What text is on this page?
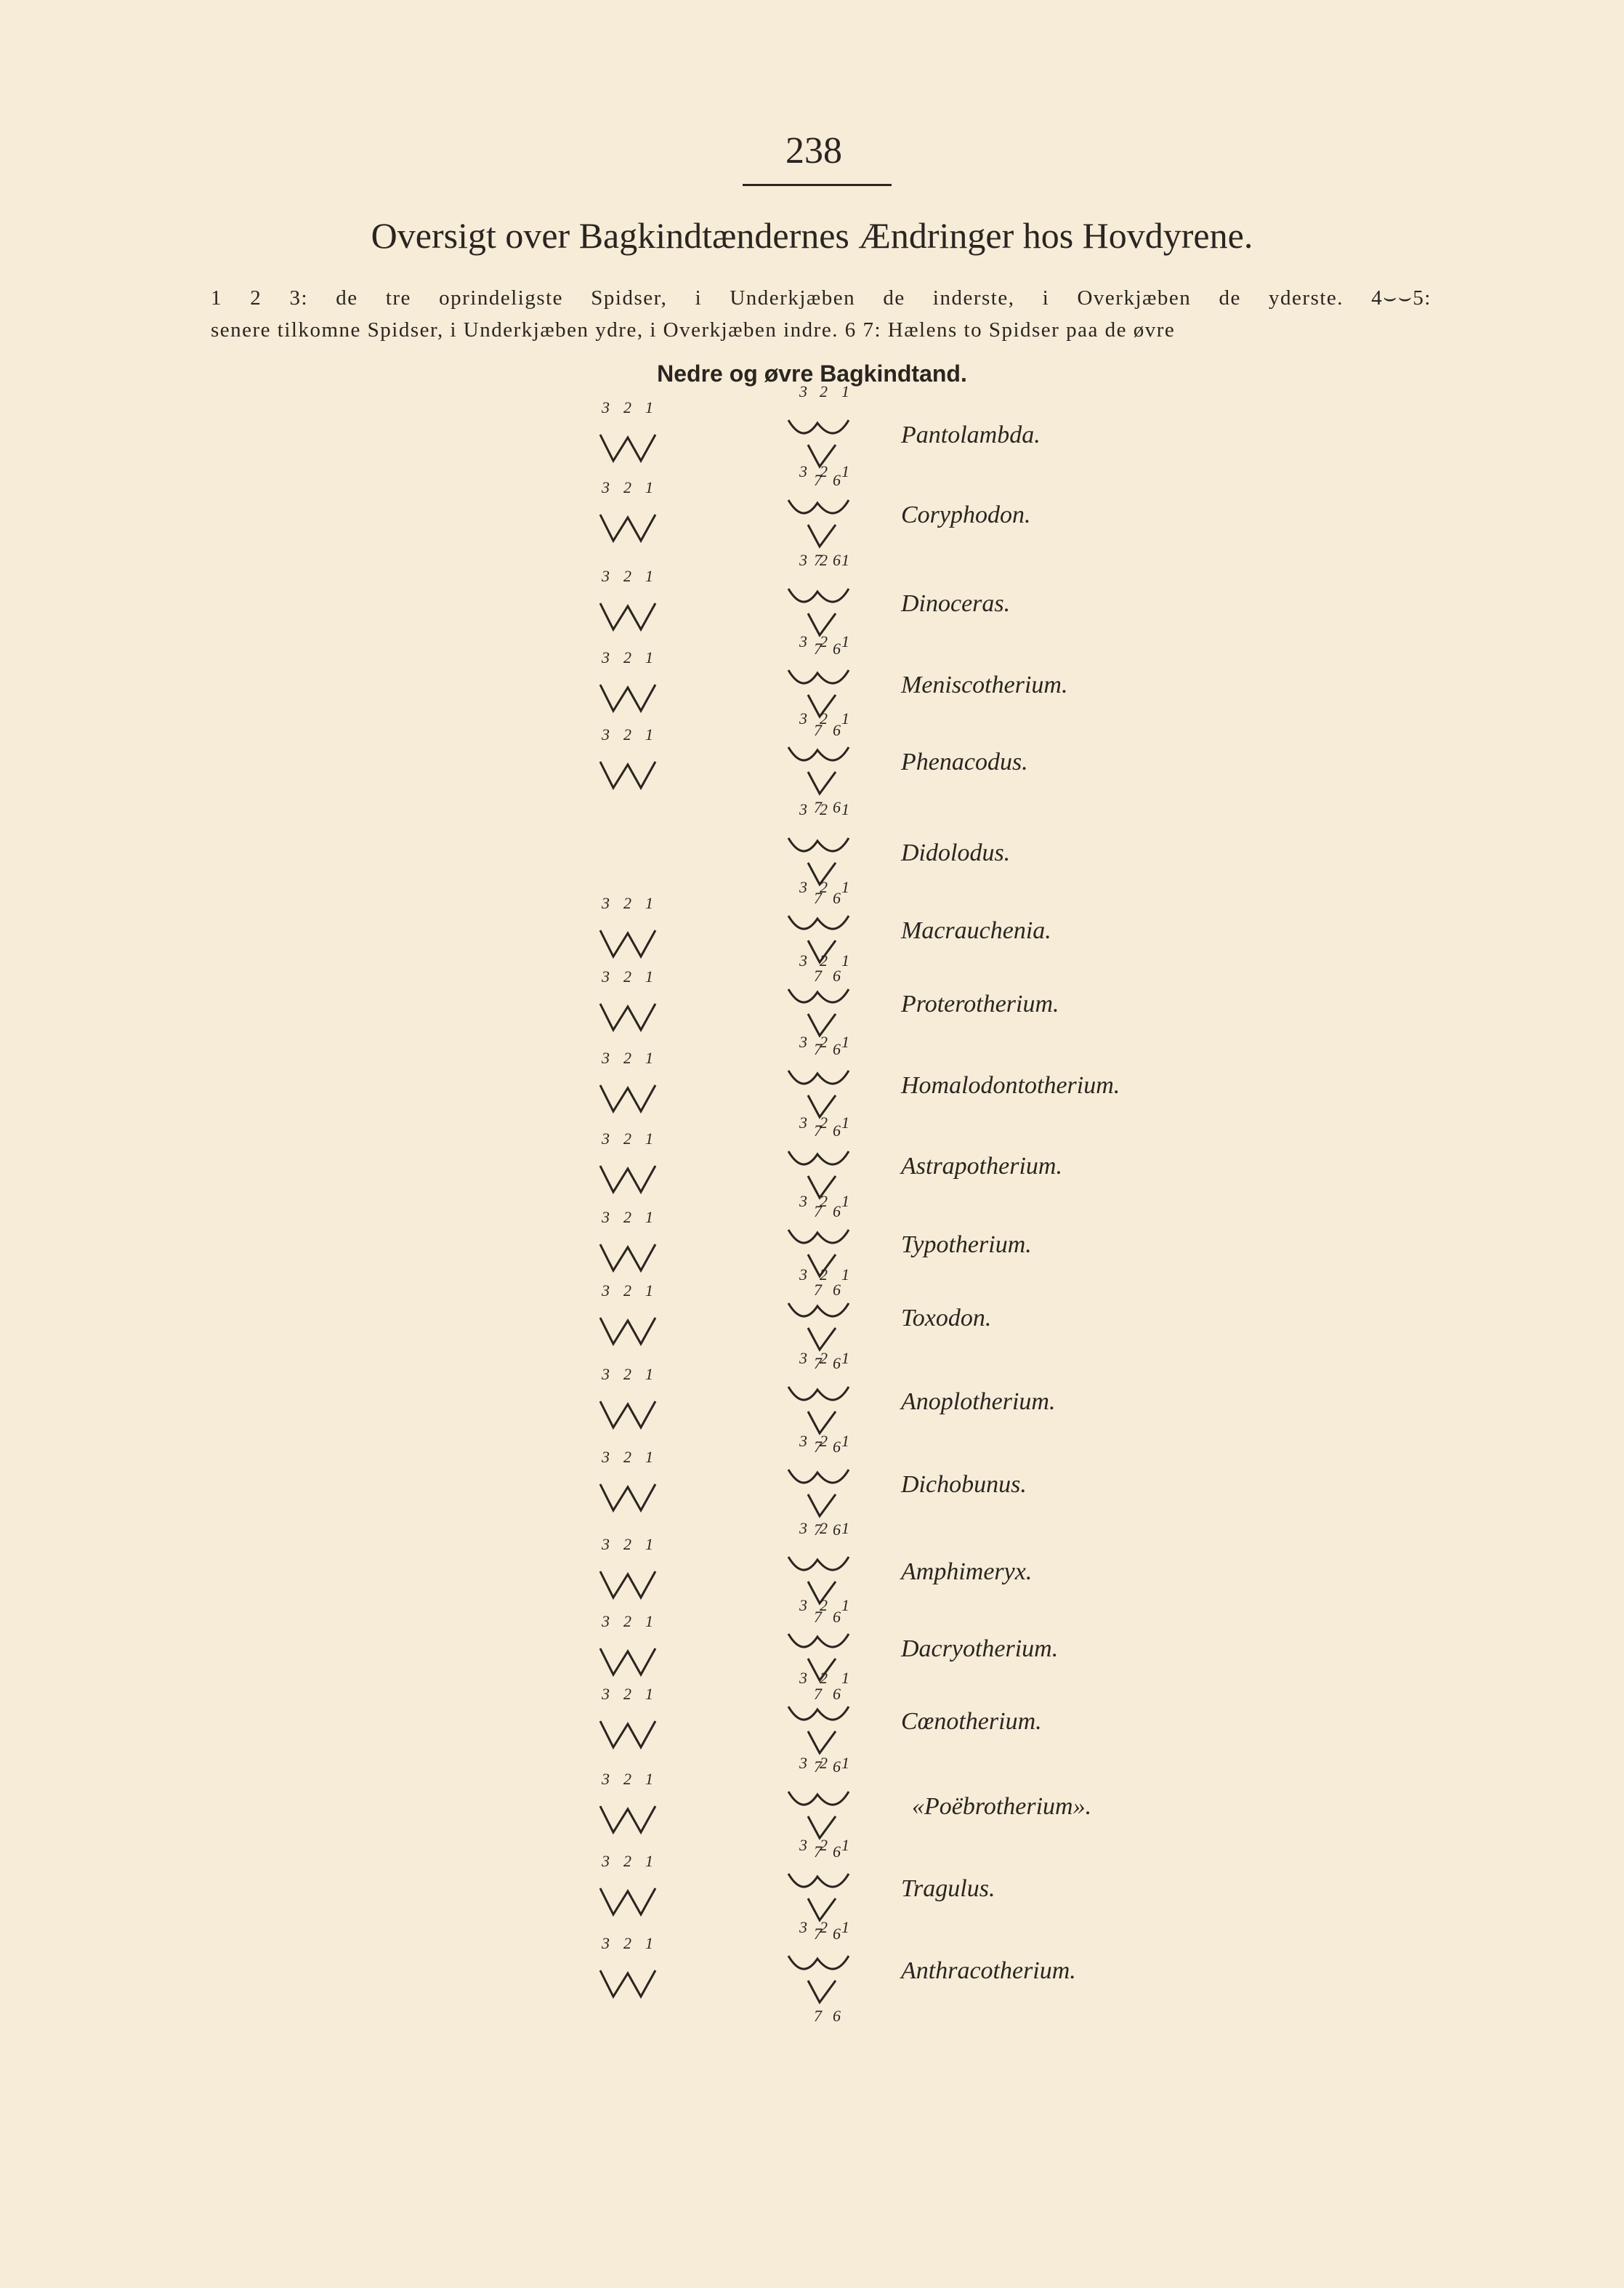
238
Oversigt over Bagkindtændernes Ændringer hos Hovdyrene.

1 2 3: de tre oprindeligste Spidser, i Underkjæben de inderste, i Overkjæben de yderste. 4⌣⌣5:

senere tilkomne Spidser, i Underkjæben ydre, i Overkjæben indre. 6 7: Hælens to Spidser paa de øvre

Nedre og øvre Bagkindtand.
3 2 1
3 2 1
7 6
3 2 1
3 2 1
7 6
3 2 1
3 2 1
7 6
3 2 1
3 2 1
7 6
3 2 1
3 2 1
7 6
3 2 1
7 6
3 2 1
3 2 1
7 6
3 2 1
3 2 1
7 6
3 2 1
3 2 1
7 6
3 2 1
3 2 1
7 6
3 2 1
3 2 1
7 6
3 2 1
3 2 1
7 6
3 2 1
3 2 1
7 6
3 2 1
3 2 1
7 6
3 2 1
3 2 1
7 6
3 2 1
3 2 1
7 6
3 2 1
3 2 1
7 6
3 2 1
3 2 1
7 6
3 2 1
3 2 1
7 6
3 2 1
3 2 1
7 6
Pantolambda.
Coryphodon.
Dinoceras.
Meniscotherium.
Phenacodus.
Didolodus.
Macrauchenia.
Proterotherium.
Homalodontotherium.
Astrapotherium.
Typotherium.
Toxodon.
Anoplotherium.
Dichobunus.
Amphimeryx.
Dacryotherium.
Cœnotherium.
«Poëbrotherium».
Tragulus.
Anthracotherium.
